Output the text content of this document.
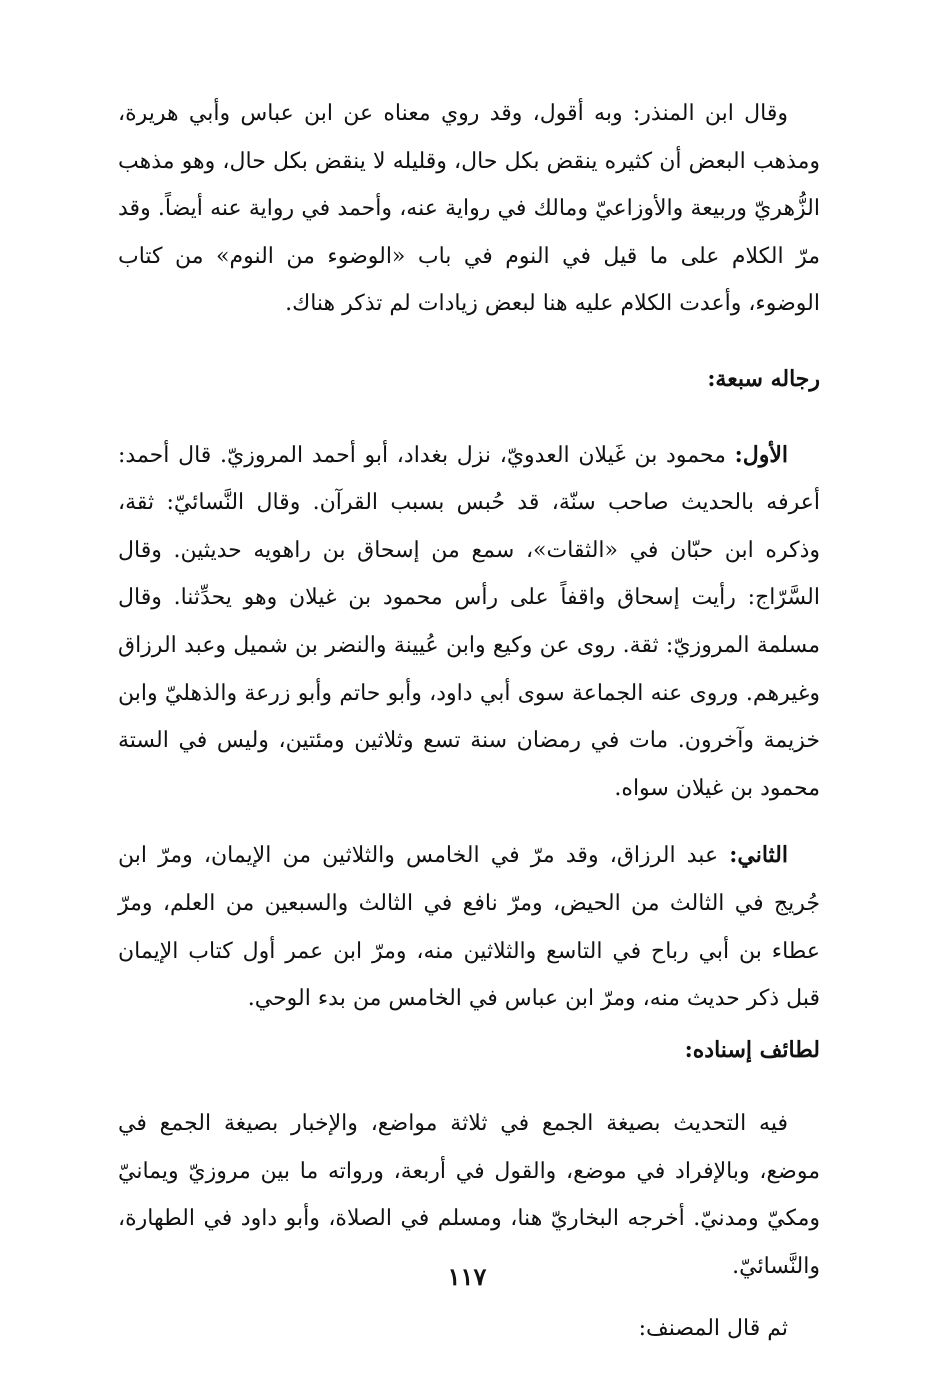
وقال ابن المنذر: وبه أقول، وقد روي معناه عن ابن عباس وأبي هريرة، ومذهب البعض أن كثيره ينقض بكل حال، وقليله لا ينقض بكل حال، وهو مذهب الزُّهريّ وربيعة والأوزاعيّ ومالك في رواية عنه، وأحمد في رواية عنه أيضاً. وقد مرّ الكلام على ما قيل في النوم في باب «الوضوء من النوم» من كتاب الوضوء، وأعدت الكلام عليه هنا لبعض زيادات لم تذكر هناك.

رجاله سبعة:

الأول: محمود بن غَيلان العدويّ، نزل بغداد، أبو أحمد المروزيّ. قال أحمد: أعرفه بالحديث صاحب سنّة، قد حُبس بسبب القرآن. وقال النَّسائيّ: ثقة، وذكره ابن حبّان في «الثقات»، سمع من إسحاق بن راهويه حديثين. وقال السَّرّاج: رأيت إسحاق واقفاً على رأس محمود بن غيلان وهو يحدِّثنا. وقال مسلمة المروزيّ: ثقة. روى عن وكيع وابن عُيينة والنضر بن شميل وعبد الرزاق وغيرهم. وروى عنه الجماعة سوى أبي داود، وأبو حاتم وأبو زرعة والذهليّ وابن خزيمة وآخرون. مات في رمضان سنة تسع وثلاثين ومئتين، وليس في الستة محمود بن غيلان سواه.

الثاني: عبد الرزاق، وقد مرّ في الخامس والثلاثين من الإيمان، ومرّ ابن جُريج في الثالث من الحيض، ومرّ نافع في الثالث والسبعين من العلم، ومرّ عطاء بن أبي رباح في التاسع والثلاثين منه، ومرّ ابن عمر أول كتاب الإيمان قبل ذكر حديث منه، ومرّ ابن عباس في الخامس من بدء الوحي.

لطائف إسناده:

فيه التحديث بصيغة الجمع في ثلاثة مواضع، والإخبار بصيغة الجمع في موضع، وبالإفراد في موضع، والقول في أربعة، ورواته ما بين مروزيّ ويمانيّ ومكيّ ومدنيّ. أخرجه البخاريّ هنا، ومسلم في الصلاة، وأبو داود في الطهارة، والنَّسائيّ.

ثم قال المصنف:

١١٧
